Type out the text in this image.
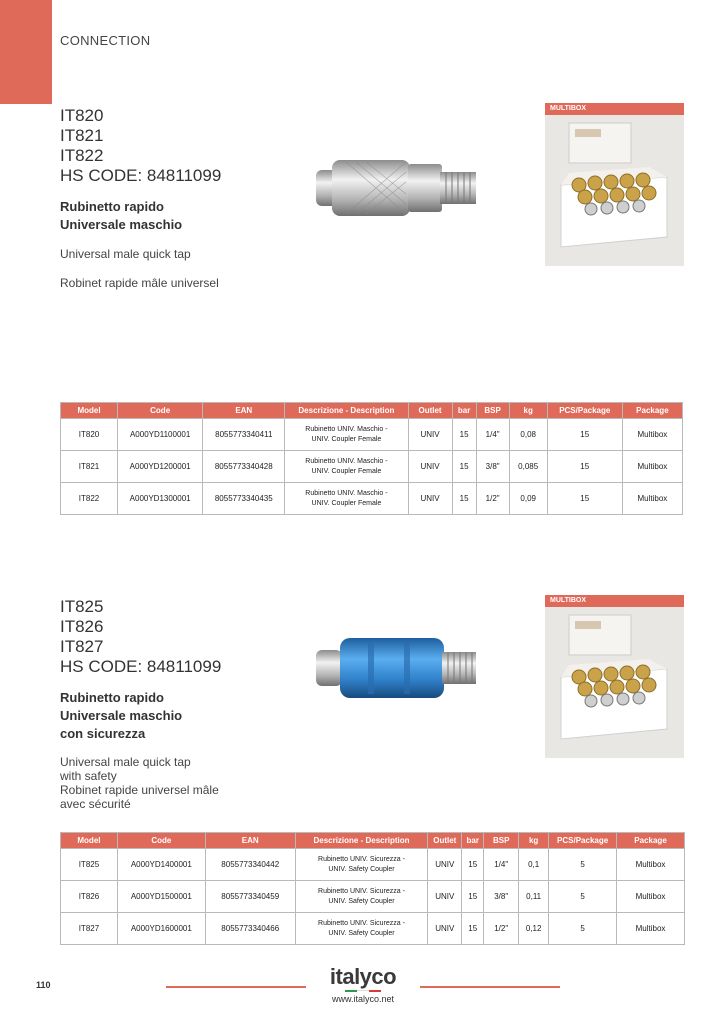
CONNECTION
IT820
IT821
IT822
HS CODE: 84811099
Rubinetto rapido
Universale maschio
Universal male quick tap
Robinet rapide mâle universel
MULTIBOX
Model	Code	EAN	Descrizione - Description	Outlet	bar	BSP	kg	PCS/Package	Package
IT820	A000YD1100001	8055773340411	Rubinetto UNIV. Maschio -
UNIV. Coupler Female	UNIV	15	1/4"	0,08	15	Multibox
IT821	A000YD1200001	8055773340428	Rubinetto UNIV. Maschio -
UNIV. Coupler Female	UNIV	15	3/8"	0,085	15	Multibox
IT822	A000YD1300001	8055773340435	Rubinetto UNIV. Maschio -
UNIV. Coupler Female	UNIV	15	1/2"	0,09	15	Multibox
IT825
IT826
IT827
HS CODE: 84811099
Rubinetto rapido
Universale maschio
con sicurezza
Universal male quick tap
with safety
Robinet rapide universel mâle
avec sécurité
MULTIBOX
Model	Code	EAN	Descrizione - Description	Outlet	bar	BSP	kg	PCS/Package	Package
IT825	A000YD1400001	8055773340442	Rubinetto UNIV. Sicurezza -
UNIV. Safety Coupler	UNIV	15	1/4"	0,1	5	Multibox
IT826	A000YD1500001	8055773340459	Rubinetto UNIV. Sicurezza -
UNIV. Safety Coupler	UNIV	15	3/8"	0,11	5	Multibox
IT827	A000YD1600001	8055773340466	Rubinetto UNIV. Sicurezza -
UNIV. Safety Coupler	UNIV	15	1/2"	0,12	5	Multibox
110	italyco
www.italyco.net
